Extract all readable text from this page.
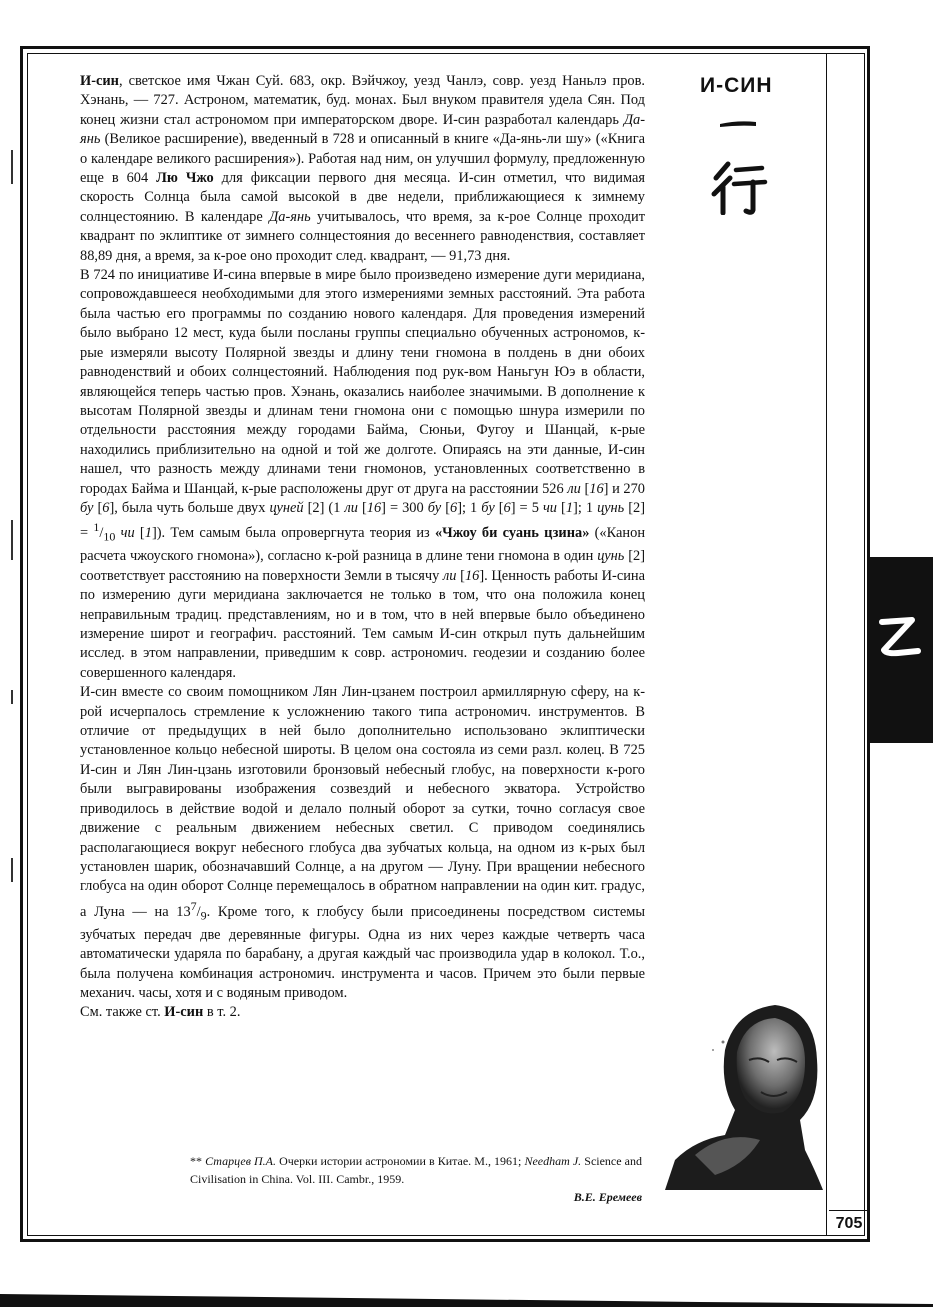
И-син, светское имя Чжан Суй. 683, окр. Вэйчжоу, уезд Чанлэ, совр. уезд Наньлэ пров. Хэнань, — 727. Астроном, математик, буд. монах. Был внуком правителя удела Сян. Под конец жизни стал астрономом при императорском дворе. И-син разработал календарь Да-янь (Великое расширение), введенный в 728 и описанный в книге «Да-янь-ли шу» («Книга о календаре великого расширения»). Работая над ним, он улучшил формулу, предложенную еще в 604 Лю Чжо для фиксации первого дня месяца. И-син отметил, что видимая скорость Солнца была самой высокой в две недели, приближающиеся к зимнему солнцестоянию. В календаре Да-янь учитывалось, что время, за к-рое Солнце проходит квадрант по эклиптике от зимнего солнцестояния до весеннего равноденствия, составляет 88,89 дня, а время, за к-рое оно проходит след. квадрант, — 91,73 дня.

В 724 по инициативе И-сина впервые в мире было произведено измерение дуги меридиана, сопровождавшееся необходимыми для этого измерениями земных расстояний. Эта работа была частью его программы по созданию нового календаря. Для проведения измерений было выбрано 12 мест, куда были посланы группы специально обученных астрономов, к-рые измеряли высоту Полярной звезды и длину тени гномона в полдень в дни обоих равноденствий и обоих солнцестояний. Наблюдения под рук-вом Наньгун Юэ в области, являющейся теперь частью пров. Хэнань, оказались наиболее значимыми. В дополнение к высотам Полярной звезды и длинам тени гномона они с помощью шнура измерили по отдельности расстояния между городами Байма, Сюньи, Фугоу и Шанцай, к-рые находились приблизительно на одной и той же долготе. Опираясь на эти данные, И-син нашел, что разность между длинами тени гномонов, установленных соответственно в городах Байма и Шанцай, к-рые расположены друг от друга на расстоянии 526 ли [16] и 270 бу [6], была чуть больше двух цуней [2] (1 ли [16] = 300 бу [6]; 1 бу [6] = 5 чи [1]; 1 цунь $[2] = ^1/_{10}$ чи [1]). Тем самым была опровергнута теория из «Чжоу би суань цзина» («Канон расчета чжоуского гномона»), согласно к-рой разница в длине тени гномона в один цунь [2] соответствует расстоянию на поверхности Земли в тысячу ли [16]. Ценность работы И-сина по измерению дуги меридиана заключается не только в том, что она положила конец неправильным традиц. представлениям, но и в том, что в ней впервые было объединено измерение широт и географич. расстояний. Тем самым И-син открыл путь дальнейшим исслед. в этом направлении, приведшим к совр. астрономич. геодезии и созданию более совершенного календаря.

И-син вместе со своим помощником Лян Лин-цзанем построил армиллярную сферу, на к-рой исчерпалось стремление к усложнению такого типа астрономич. инструментов. В отличие от предыдущих в ней было дополнительно использовано эклиптически установленное кольцо небесной широты. В целом она состояла из семи разл. колец. В 725 И-син и Лян Лин-цзань изготовили бронзовый небесный глобус, на поверхности к-рого были выгравированы изображения созвездий и небесного экватора. Устройство приводилось в действие водой и делало полный оборот за сутки, точно согласуя свое движение с реальным движением небесных светил. С приводом соединялись располагающиеся вокруг небесного глобуса два зубчатых кольца, на одном из к-рых был установлен шарик, обозначавший Солнце, а на другом — Луну. При вращении небесного глобуса на один оборот Солнце перемещалось в обратном направлении на один кит. градус, а Луна — на $13^7/_9$. Кроме того, к глобусу были присоединены посредством системы зубчатых передач две деревянные фигуры. Одна из них через каждые четверть часа автоматически ударяла по барабану, а другая каждый час производила удар в колокол. Т.о., была получена комбинация астрономич. инструмента и часов. Причем это были первые механич. часы, хотя и с водяным приводом.

См. также ст. И-син в т. 2.

** Старцев П.А. Очерки истории астрономии в Китае. М., 1961; Needham J. Science and Civilisation in China. Vol. III. Cambr., 1959.
В.Е. Еремеев
И-СИН
705
